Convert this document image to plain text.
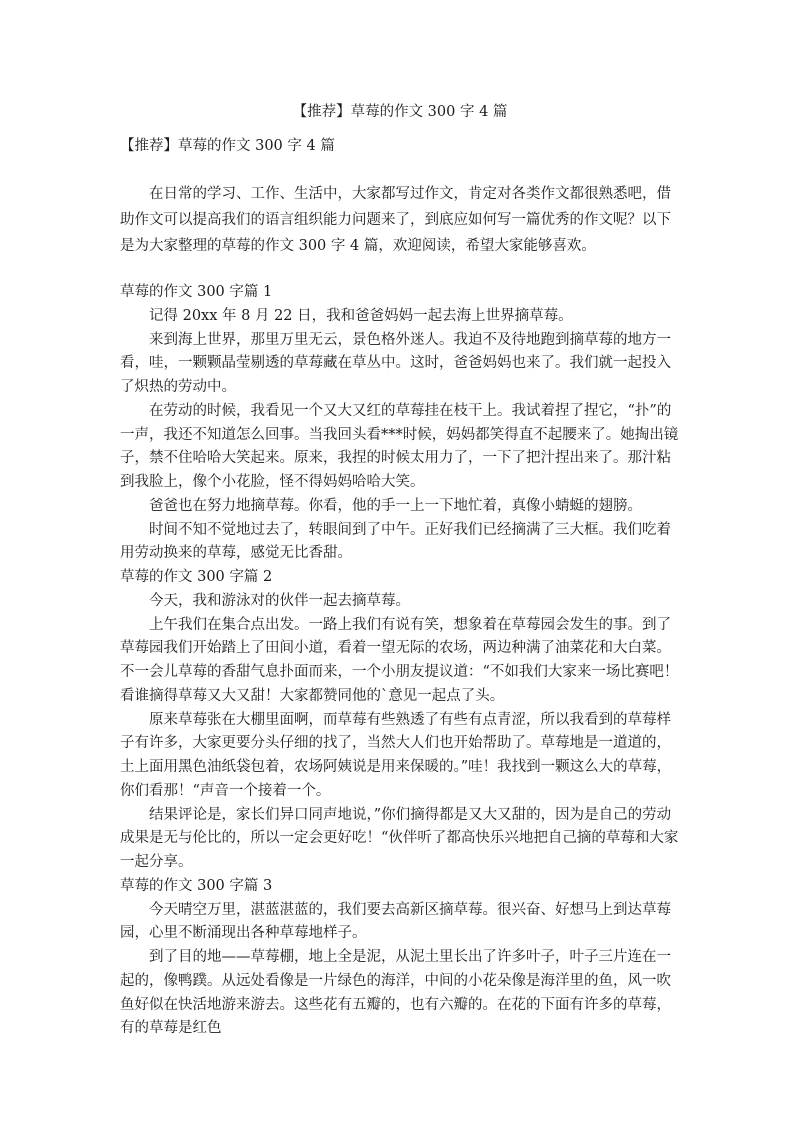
【推荐】草莓的作文 300 字 4 篇
【推荐】草莓的作文 300 字 4 篇

在日常的学习、工作、生活中，大家都写过作文，肯定对各类作文都很熟悉吧，借助作文可以提高我们的语言组织能力问题来了，到底应如何写一篇优秀的作文呢？以下是为大家整理的草莓的作文 300 字 4 篇，欢迎阅读，希望大家能够喜欢。

草莓的作文 300 字篇 1

记得 20xx 年 8 月 22 日，我和爸爸妈妈一起去海上世界摘草莓。

来到海上世界，那里万里无云，景色格外迷人。我迫不及待地跑到摘草莓的地方一看，哇，一颗颗晶莹剔透的草莓藏在草丛中。这时，爸爸妈妈也来了。我们就一起投入了炽热的劳动中。

在劳动的时候，我看见一个又大又红的草莓挂在枝干上。我试着捏了捏它，“扑”的一声，我还不知道怎么回事。当我回头看***时候，妈妈都笑得直不起腰来了。她掏出镜子，禁不住哈哈大笑起来。原来，我捏的时候太用力了，一下了把汁捏出来了。那汁粘到我脸上，像个小花脸，怪不得妈妈哈哈大笑。

爸爸也在努力地摘草莓。你看，他的手一上一下地忙着，真像小蜻蜓的翅膀。

时间不知不觉地过去了，转眼间到了中午。正好我们已经摘满了三大框。我们吃着用劳动换来的草莓，感觉无比香甜。

草莓的作文 300 字篇 2

今天，我和游泳对的伙伴一起去摘草莓。

上午我们在集合点出发。一路上我们有说有笑，想象着在草莓园会发生的事。到了草莓园我们开始踏上了田间小道，看着一望无际的农场，两边种满了油菜花和大白菜。不一会儿草莓的香甜气息扑面而来，一个小朋友提议道：“不如我们大家来一场比赛吧！看谁摘得草莓又大又甜！大家都赞同他的`意见一起点了头。

原来草莓张在大棚里面啊，而草莓有些熟透了有些有点青涩，所以我看到的草莓样子有许多，大家更要分头仔细的找了，当然大人们也开始帮助了。草莓地是一道道的，土上面用黑色油纸袋包着，农场阿姨说是用来保暖的。”哇！我找到一颗这么大的草莓，你们看那！“声音一个接着一个。

结果评论是，家长们异口同声地说，”你们摘得都是又大又甜的，因为是自己的劳动成果是无与伦比的，所以一定会更好吃！“伙伴听了都高快乐兴地把自己摘的草莓和大家一起分享。

草莓的作文 300 字篇 3

今天晴空万里，湛蓝湛蓝的，我们要去高新区摘草莓。很兴奋、好想马上到达草莓园，心里不断涌现出各种草莓地样子。

到了目的地——草莓棚，地上全是泥，从泥土里长出了许多叶子，叶子三片连在一起的，像鸭蹼。从远处看像是一片绿色的海洋，中间的小花朵像是海洋里的鱼，风一吹鱼好似在快活地游来游去。这些花有五瓣的，也有六瓣的。在花的下面有许多的草莓，有的草莓是红色
